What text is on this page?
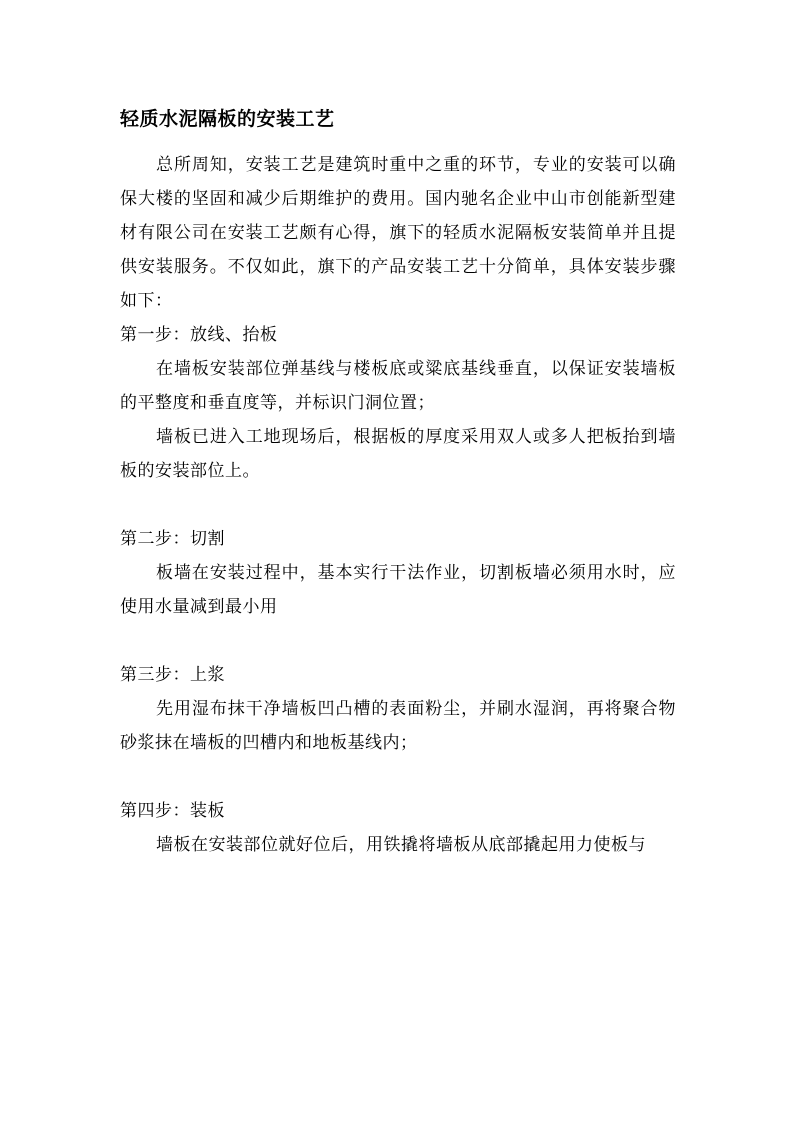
轻质水泥隔板的安装工艺

总所周知，安装工艺是建筑时重中之重的环节，专业的安装可以确保大楼的坚固和减少后期维护的费用。国内驰名企业中山市创能新型建材有限公司在安装工艺颇有心得，旗下的轻质水泥隔板安装简单并且提供安装服务。不仅如此，旗下的产品安装工艺十分简单，具体安装步骤如下：

第一步：放线、抬板

在墙板安装部位弹基线与楼板底或粱底基线垂直，以保证安装墙板的平整度和垂直度等，并标识门洞位置；

墙板已进入工地现场后，根据板的厚度采用双人或多人把板抬到墙板的安装部位上。

第二步：切割

板墙在安装过程中，基本实行干法作业，切割板墙必须用水时，应使用水量减到最小用

第三步：上浆

先用湿布抹干净墙板凹凸槽的表面粉尘，并刷水湿润，再将聚合物砂浆抹在墙板的凹槽内和地板基线内；

第四步：装板

墙板在安装部位就好位后，用铁撬将墙板从底部撬起用力使板与
